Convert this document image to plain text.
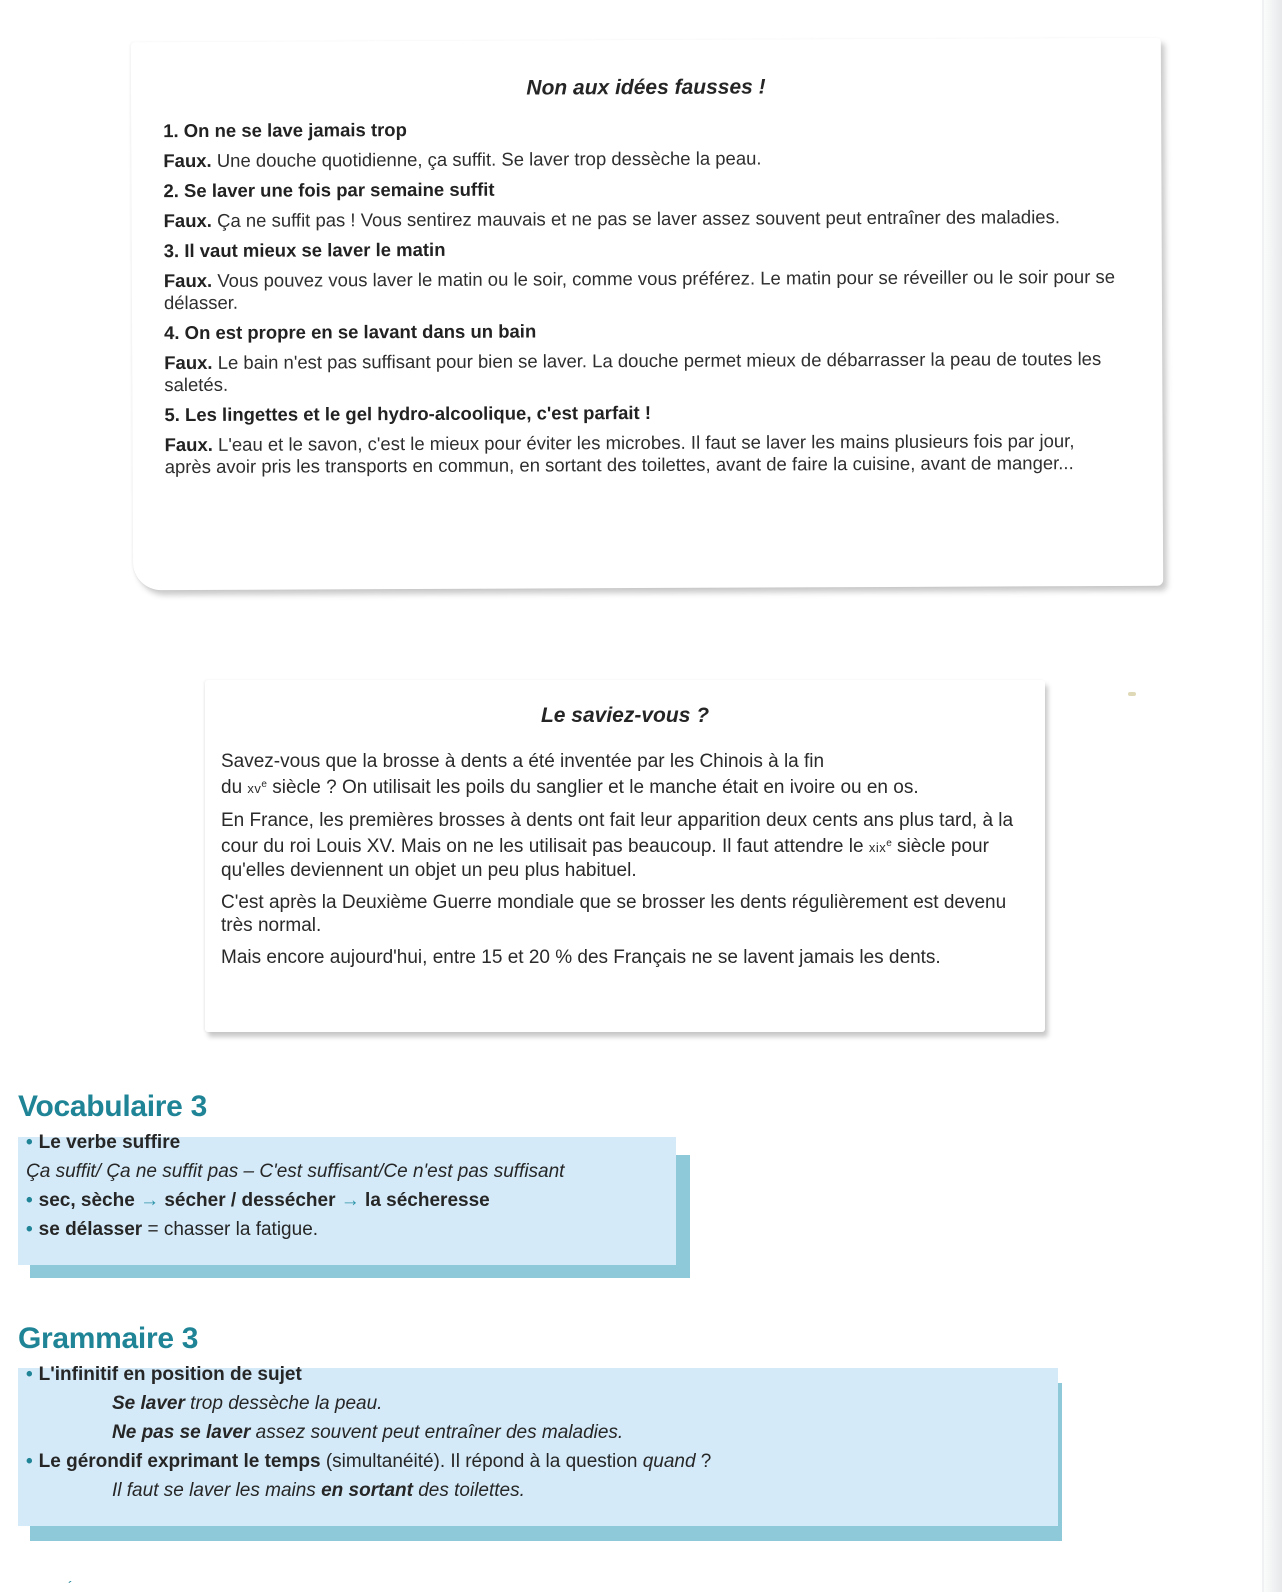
Non aux idées fausses !
1. On ne se lave jamais trop
Faux. Une douche quotidienne, ça suffit. Se laver trop dessèche la peau.
2. Se laver une fois par semaine suffit
Faux. Ça ne suffit pas ! Vous sentirez mauvais et ne pas se laver assez souvent peut entraîner des maladies.
3. Il vaut mieux se laver le matin
Faux. Vous pouvez vous laver le matin ou le soir, comme vous préférez. Le matin pour se réveiller ou le soir pour se délasser.
4. On est propre en se lavant dans un bain
Faux. Le bain n'est pas suffisant pour bien se laver. La douche permet mieux de débarrasser la peau de toutes les saletés.
5. Les lingettes et le gel hydro-alcoolique, c'est parfait !
Faux. L'eau et le savon, c'est le mieux pour éviter les microbes. Il faut se laver les mains plusieurs fois par jour, après avoir pris les transports en commun, en sortant des toilettes, avant de faire la cuisine, avant de manger...
Le saviez-vous ?

Savez-vous que la brosse à dents a été inventée par les Chinois à la fin
du $xv^e$ siècle ? On utilisait les poils du sanglier et le manche était en ivoire ou en os.

En France, les premières brosses à dents ont fait leur apparition deux cents ans plus tard, à la cour du roi Louis XV. Mais on ne les utilisait pas beaucoup. Il faut attendre le xix$^e$ siècle pour qu'elles deviennent un objet un peu plus habituel.

C'est après la Deuxième Guerre mondiale que se brosser les dents régulièrement est devenu très normal.

Mais encore aujourd'hui, entre 15 et 20 % des Français ne se lavent jamais les dents.

Vocabulaire 3
• Le verbe suffire
Ça suffit/ Ça ne suffit pas – C'est suffisant/Ce n'est pas suffisant
• sec, sèche → sécher / dessécher → la sécheresse
• se délasser = chasser la fatigue.
Grammaire 3
• L'infinitif en position de sujet
Se laver trop dessèche la peau.
Ne pas se laver assez souvent peut entraîner des maladies.
• Le gérondif exprimant le temps (simultanéité). Il répond à la question quand ?
Il faut se laver les mains en sortant des toilettes.
´
